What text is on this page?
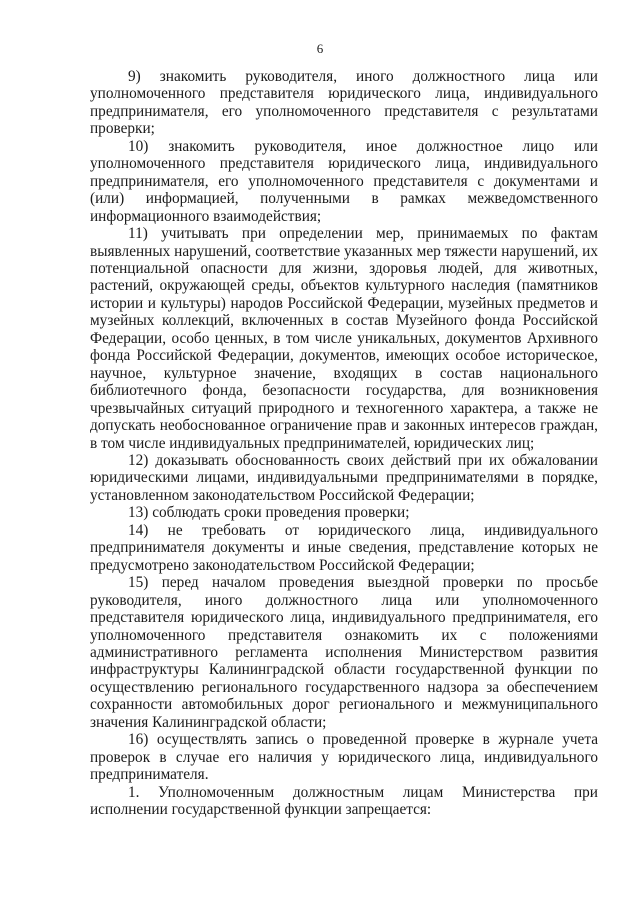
6

9) знакомить руководителя, иного должностного лица или уполномоченного представителя юридического лица, индивидуального предпринимателя, его уполномоченного представителя с результатами проверки;

10) знакомить руководителя, иное должностное лицо или уполномоченного представителя юридического лица, индивидуального предпринимателя, его уполномоченного представителя с документами и (или) информацией, полученными в рамках межведомственного информационного взаимодействия;

11) учитывать при определении мер, принимаемых по фактам выявленных нарушений, соответствие указанных мер тяжести нарушений, их потенциальной опасности для жизни, здоровья людей, для животных, растений, окружающей среды, объектов культурного наследия (памятников истории и культуры) народов Российской Федерации, музейных предметов и музейных коллекций, включенных в состав Музейного фонда Российской Федерации, особо ценных, в том числе уникальных, документов Архивного фонда Российской Федерации, документов, имеющих особое историческое, научное, культурное значение, входящих в состав национального библиотечного фонда, безопасности государства, для возникновения чрезвычайных ситуаций природного и техногенного характера, а также не допускать необоснованное ограничение прав и законных интересов граждан, в том числе индивидуальных предпринимателей, юридических лиц;

12) доказывать обоснованность своих действий при их обжаловании юридическими лицами, индивидуальными предпринимателями в порядке, установленном законодательством Российской Федерации;

13) соблюдать сроки проведения проверки;

14) не требовать от юридического лица, индивидуального предпринимателя документы и иные сведения, представление которых не предусмотрено законодательством Российской Федерации;

15) перед началом проведения выездной проверки по просьбе руководителя, иного должностного лица или уполномоченного представителя юридического лица, индивидуального предпринимателя, его уполномоченного представителя ознакомить их с положениями административного регламента исполнения Министерством развития инфраструктуры Калининградской области государственной функции по осуществлению регионального государственного надзора за обеспечением сохранности автомобильных дорог регионального и межмуниципального значения Калининградской области;

16) осуществлять запись о проведенной проверке в журнале учета проверок в случае его наличия у юридического лица, индивидуального предпринимателя.

1. Уполномоченным должностным лицам Министерства при исполнении государственной функции запрещается:
